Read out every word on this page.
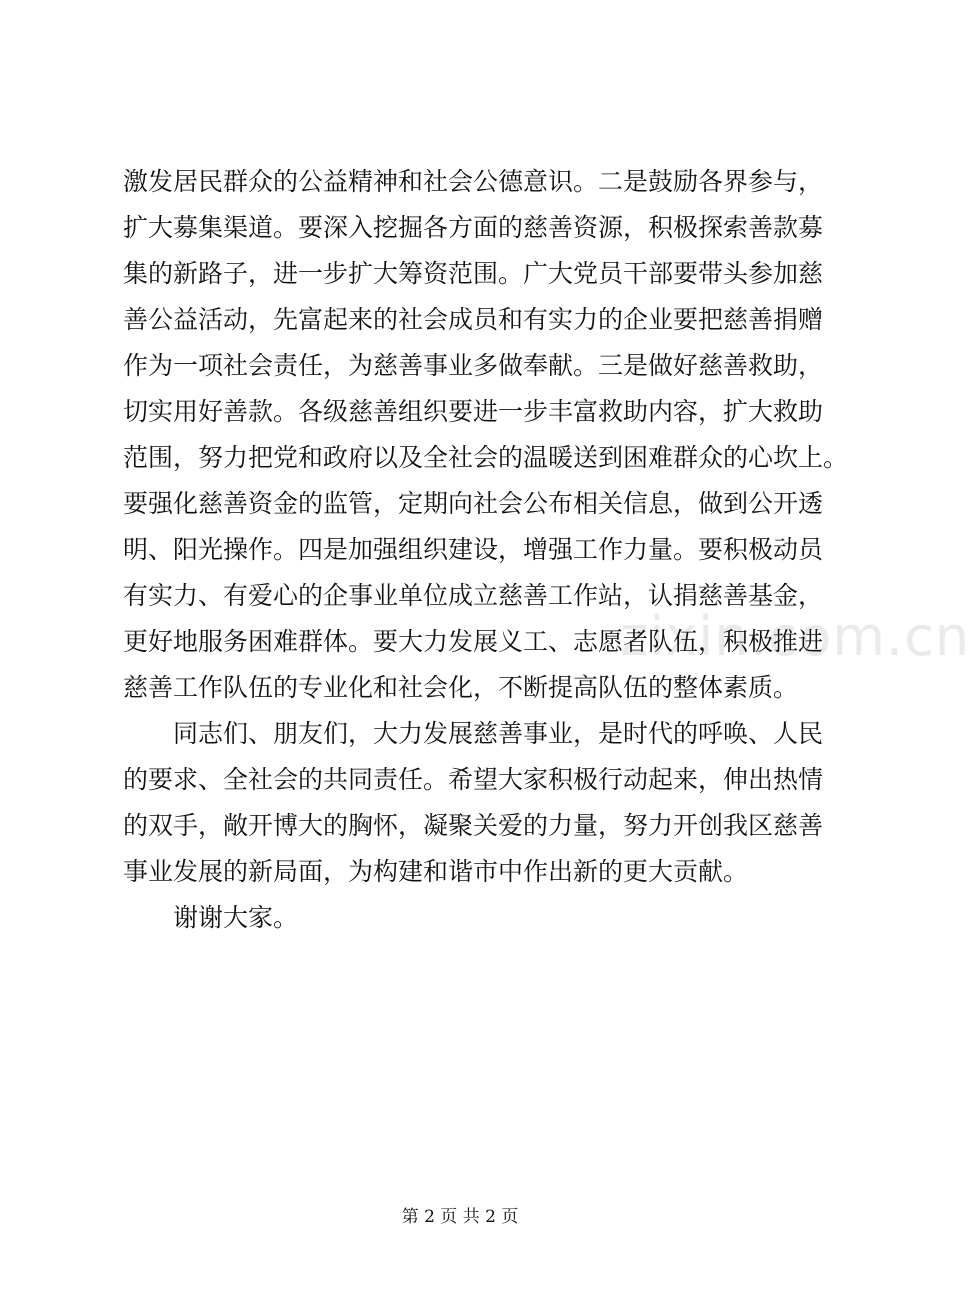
zixin.com.cn
激发居民群众的公益精神和社会公德意识。二是鼓励各界参与，
扩大募集渠道。要深入挖掘各方面的慈善资源，积极探索善款募
集的新路子，进一步扩大筹资范围。广大党员干部要带头参加慈
善公益活动，先富起来的社会成员和有实力的企业要把慈善捐赠
作为一项社会责任，为慈善事业多做奉献。三是做好慈善救助，
切实用好善款。各级慈善组织要进一步丰富救助内容，扩大救助
范围，努力把党和政府以及全社会的温暖送到困难群众的心坎上。
要强化慈善资金的监管，定期向社会公布相关信息，做到公开透
明、阳光操作。四是加强组织建设，增强工作力量。要积极动员
有实力、有爱心的企事业单位成立慈善工作站，认捐慈善基金，
更好地服务困难群体。要大力发展义工、志愿者队伍，积极推进
慈善工作队伍的专业化和社会化，不断提高队伍的整体素质。
同志们、朋友们，大力发展慈善事业，是时代的呼唤、人民
的要求、全社会的共同责任。希望大家积极行动起来，伸出热情
的双手，敞开博大的胸怀，凝聚关爱的力量，努力开创我区慈善
事业发展的新局面，为构建和谐市中作出新的更大贡献。
谢谢大家。
第 2 页 共 2 页
